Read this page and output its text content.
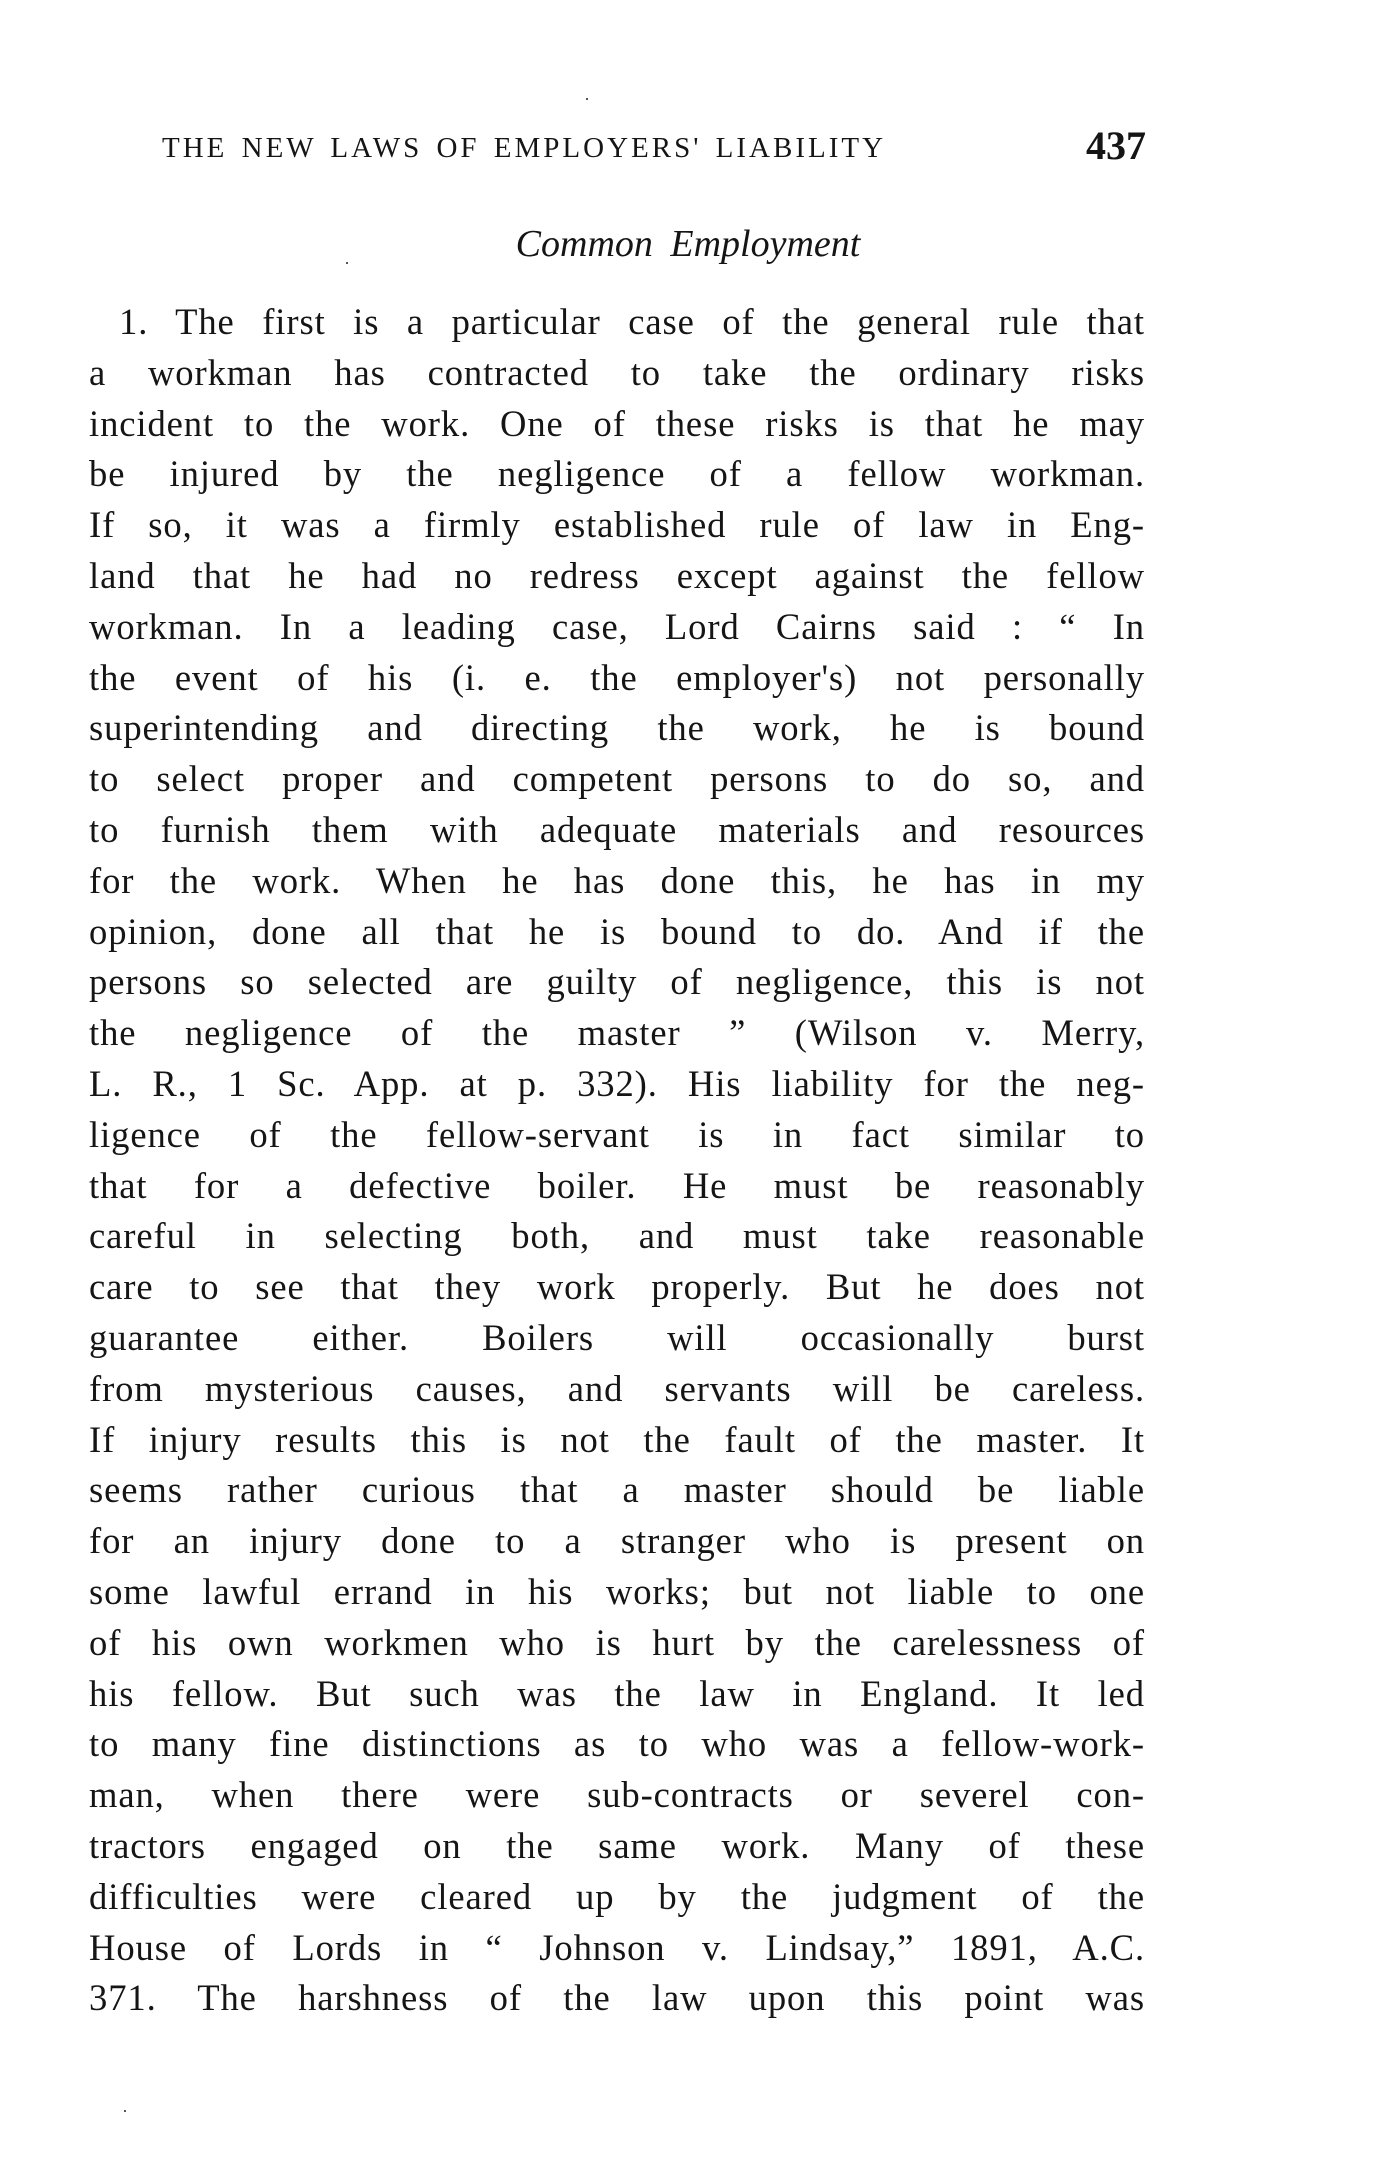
THE NEW LAWS OF EMPLOYERS' LIABILITY	437
Common Employment
1. The first is a particular case of the general rule that
a workman has contracted to take the ordinary risks
incident to the work. One of these risks is that he may
be injured by the negligence of a fellow workman.
If so, it was a firmly established rule of law in Eng-
land that he had no redress except against the fellow
workman. In a leading case, Lord Cairns said : “ In
the event of his (i. e. the employer's) not personally
superintending and directing the work, he is bound
to select proper and competent persons to do so, and
to furnish them with adequate materials and resources
for the work. When he has done this, he has in my
opinion, done all that he is bound to do. And if the
persons so selected are guilty of negligence, this is not
the negligence of the master ” (Wilson v. Merry,
L. R., 1 Sc. App. at p. 332). His liability for the neg-
ligence of the fellow-servant is in fact similar to
that for a defective boiler. He must be reasonably
careful in selecting both, and must take reasonable
care to see that they work properly. But he does not
guarantee either. Boilers will occasionally burst
from mysterious causes, and servants will be careless.
If injury results this is not the fault of the master. It
seems rather curious that a master should be liable
for an injury done to a stranger who is present on
some lawful errand in his works; but not liable to one
of his own workmen who is hurt by the carelessness of
his fellow. But such was the law in England. It led
to many fine distinctions as to who was a fellow-work-
man, when there were sub-contracts or severel con-
tractors engaged on the same work. Many of these
difficulties were cleared up by the judgment of the
House of Lords in “ Johnson v. Lindsay,” 1891, A.C.
371. The harshness of the law upon this point was
